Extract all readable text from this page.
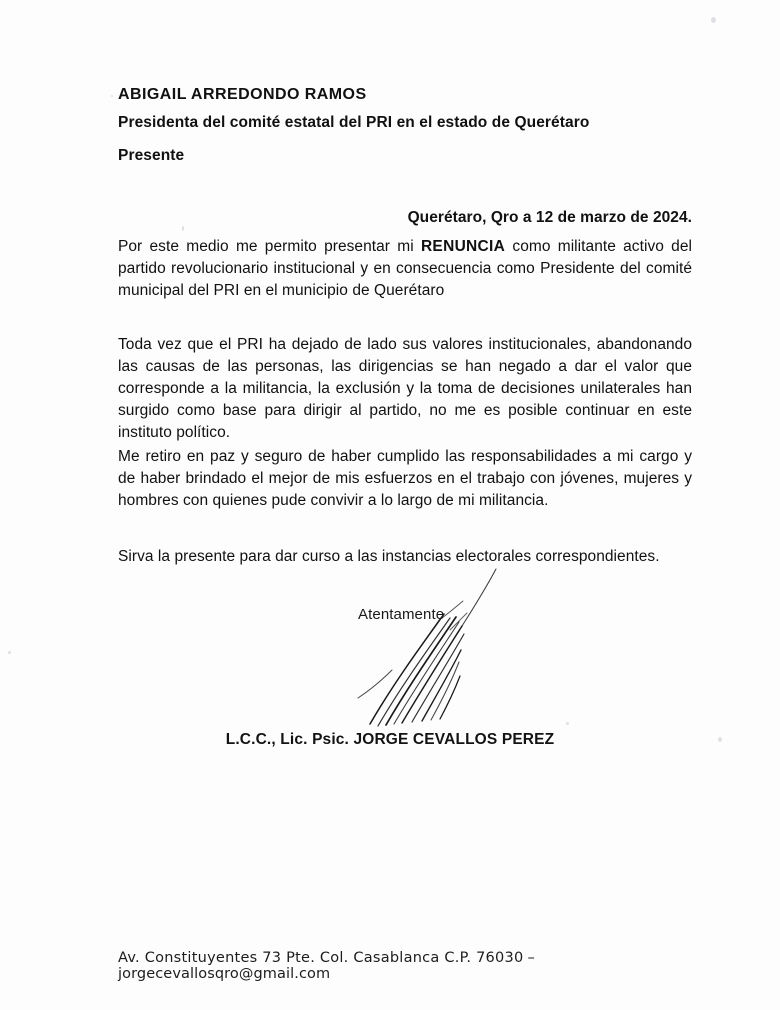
ABIGAIL ARREDONDO RAMOS
Presidenta del comité estatal del PRI en el estado de Querétaro
Presente
Querétaro, Qro a 12 de marzo de 2024.
Por este medio me permito presentar mi RENUNCIA como militante activo del partido revolucionario institucional y en consecuencia como Presidente del comité municipal del PRI en el municipio de Querétaro
Toda vez que el PRI ha dejado de lado sus valores institucionales, abandonando las causas de las personas, las dirigencias se han negado a dar el valor que corresponde a la militancia, la exclusión y la toma de decisiones unilaterales han surgido como base para dirigir al partido, no me es posible continuar en este instituto político.
Me retiro en paz y seguro de haber cumplido las responsabilidades a mi cargo y de haber brindado el mejor de mis esfuerzos en el trabajo con jóvenes, mujeres y hombres con quienes pude convivir a lo largo de mi militancia.
Sirva la presente para dar curso a las instancias electorales correspondientes.
Atentamente
L.C.C., Lic. Psic. JORGE CEVALLOS PEREZ
Av. Constituyentes 73 Pte. Col. Casablanca C.P. 76030 –jorgecevallosqro@gmail.com
